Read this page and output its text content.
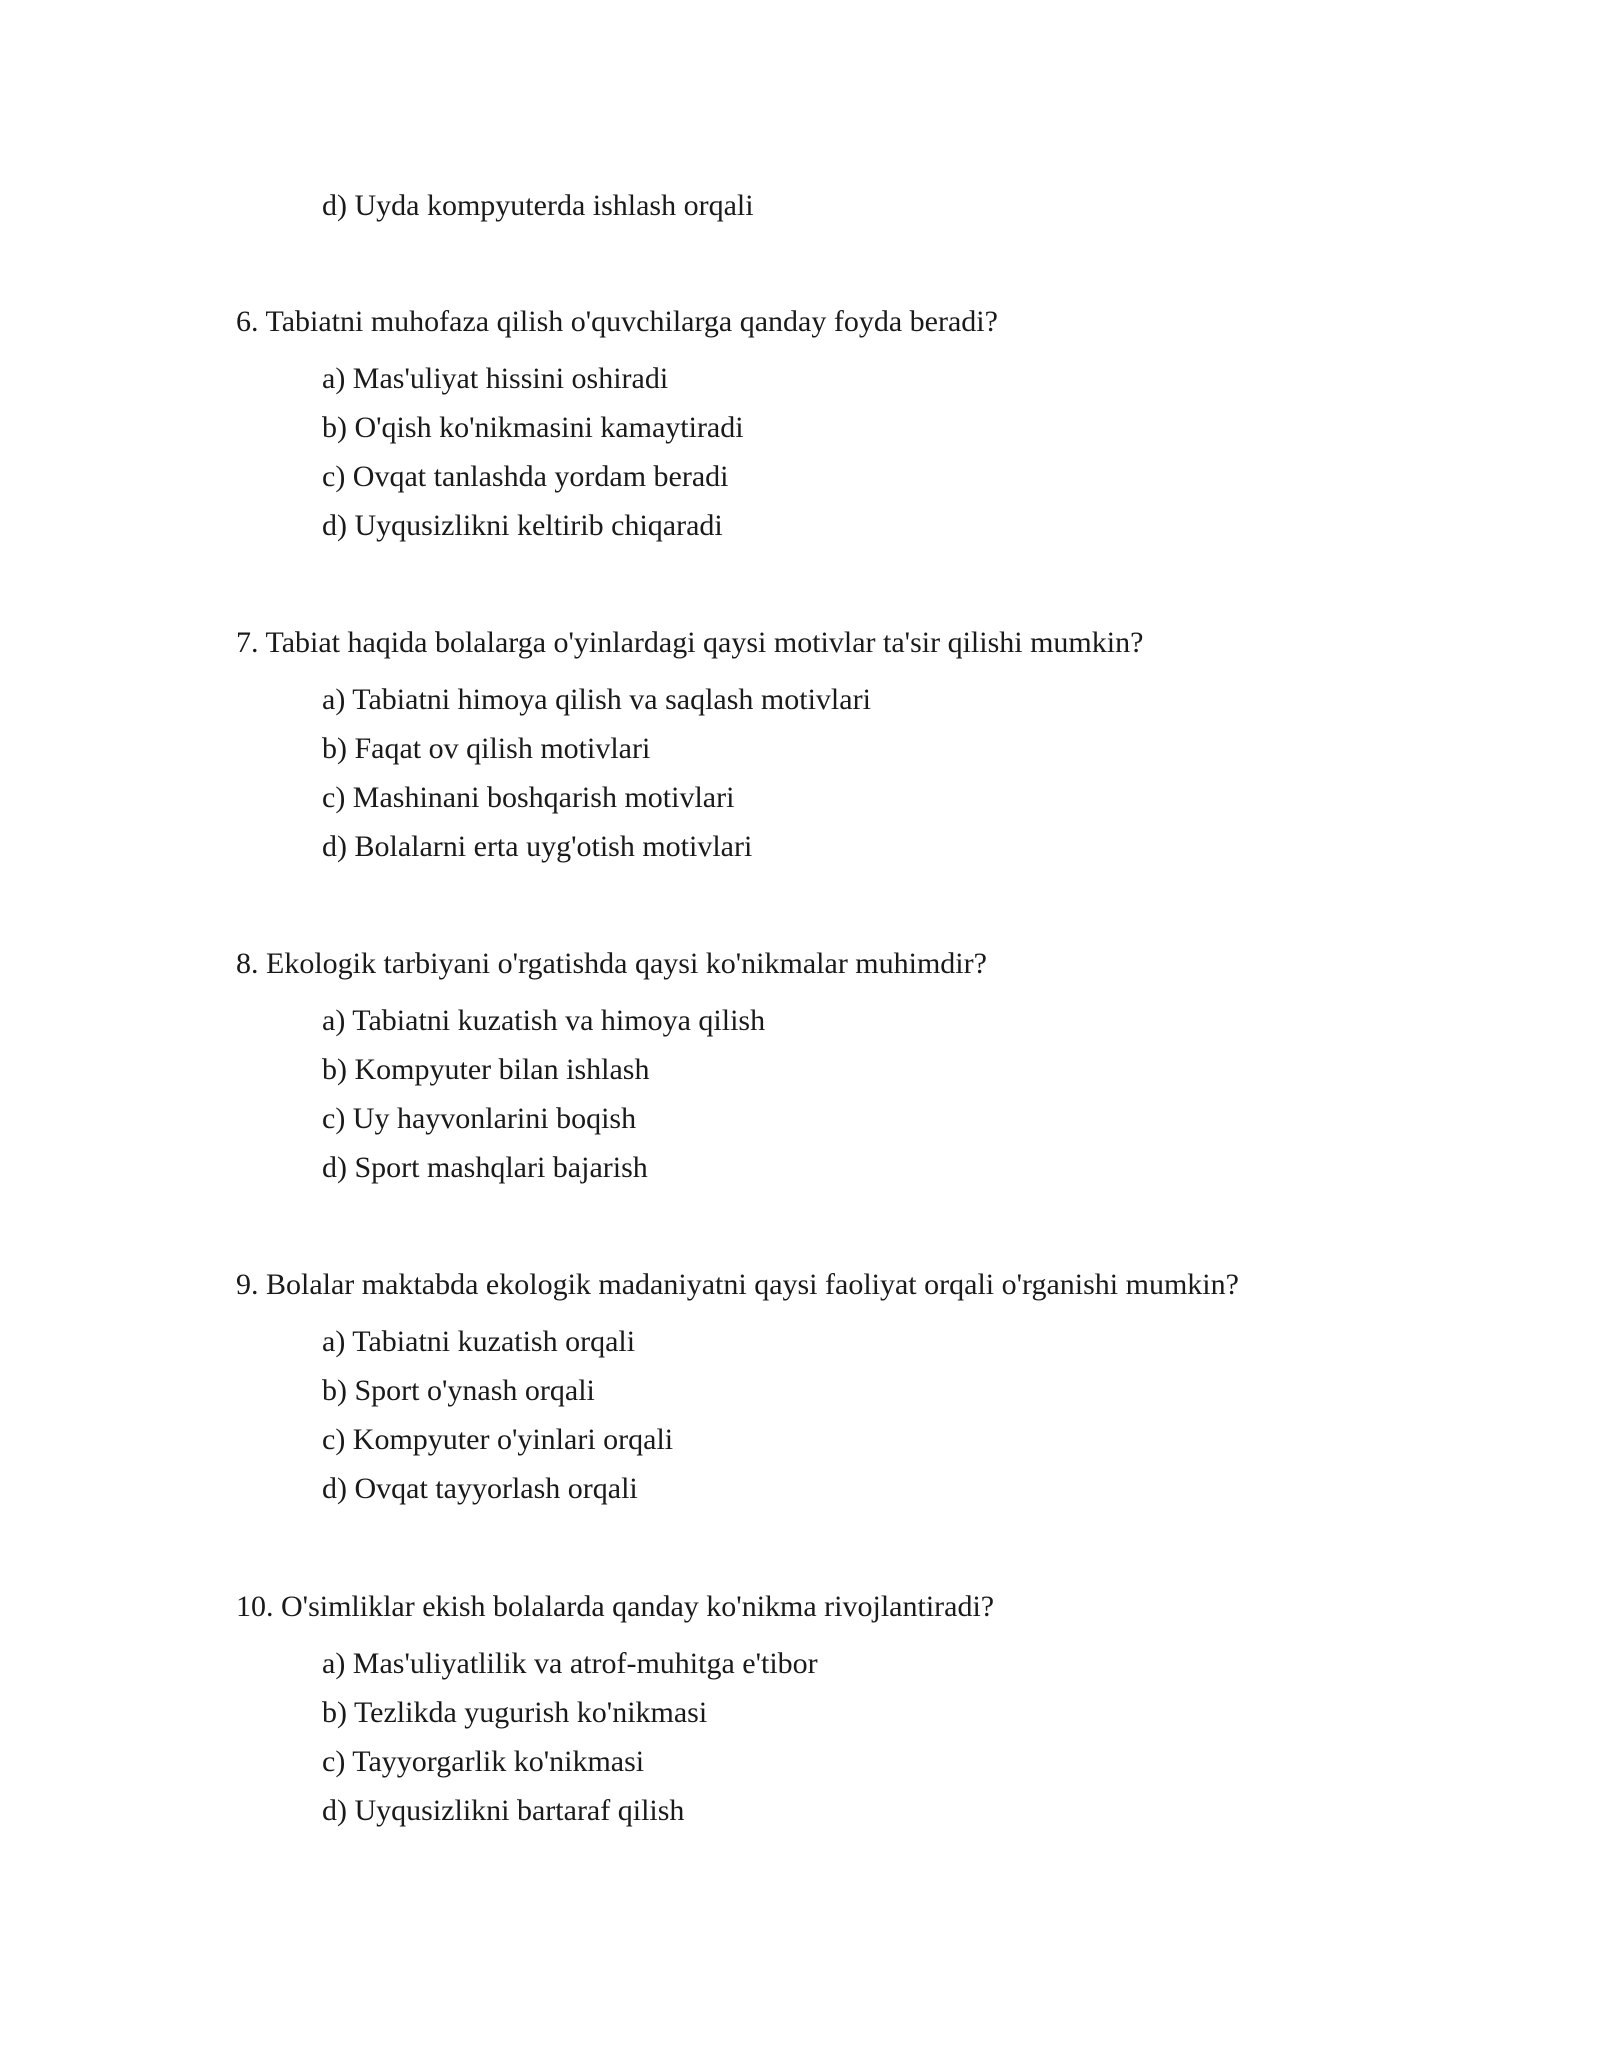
d) Uyda kompyuterda ishlash orqali
6. Tabiatni muhofaza qilish o'quvchilarga qanday foyda beradi?
a) Mas'uliyat hissini oshiradi
b) O'qish ko'nikmasini kamaytiradi
c) Ovqat tanlashda yordam beradi
d) Uyqusizlikni keltirib chiqaradi
7. Tabiat haqida bolalarga o'yinlardagi qaysi motivlar ta'sir qilishi mumkin?
a) Tabiatni himoya qilish va saqlash motivlari
b) Faqat ov qilish motivlari
c) Mashinani boshqarish motivlari
d) Bolalarni erta uyg'otish motivlari
8. Ekologik tarbiyani o'rgatishda qaysi ko'nikmalar muhimdir?
a) Tabiatni kuzatish va himoya qilish
b) Kompyuter bilan ishlash
c) Uy hayvonlarini boqish
d) Sport mashqlari bajarish
9. Bolalar maktabda ekologik madaniyatni qaysi faoliyat orqali o'rganishi mumkin?
a) Tabiatni kuzatish orqali
b) Sport o'ynash orqali
c) Kompyuter o'yinlari orqali
d) Ovqat tayyorlash orqali
10. O'simliklar ekish bolalarda qanday ko'nikma rivojlantiradi?
a) Mas'uliyatlilik va atrof-muhitga e'tibor
b) Tezlikda yugurish ko'nikmasi
c) Tayyorgarlik ko'nikmasi
d) Uyqusizlikni bartaraf qilish
